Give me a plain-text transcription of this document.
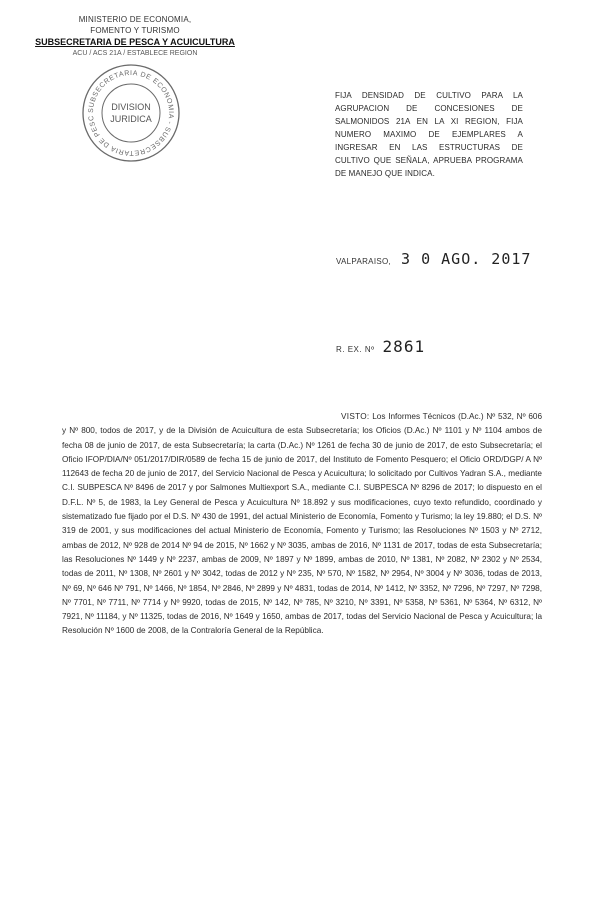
MINISTERIO DE ECONOMIA,
FOMENTO Y TURISMO
SUBSECRETARIA DE PESCA Y ACUICULTURA
ACU / ACS 21A / ESTABLECE REGION
SUBSECRETARIA DE ECONOMIA - SUBSECRETARIA DE PESC
DIVISION
JURIDICA
FIJA DENSIDAD DE CULTIVO PARA LA AGRUPACION DE CONCESIONES DE SALMONIDOS 21A EN LA XI REGION, FIJA NUMERO MAXIMO DE EJEMPLARES A INGRESAR EN LAS ESTRUCTURAS DE CULTIVO QUE SEÑALA, APRUEBA PROGRAMA DE MANEJO QUE INDICA.
VALPARAISO, 3 0 AGO. 2017
R. EX. Nº 2861
VISTO: Los Informes Técnicos (D.Ac.) Nº 532, Nº 606 y Nº 800, todos de 2017, y de la División de Acuicultura de esta Subsecretaría; los Oficios (D.Ac.) Nº 1101 y Nº 1104 ambos de fecha 08 de junio de 2017, de esta Subsecretaría; la carta (D.Ac.) Nº 1261 de fecha 30 de junio de 2017, de esto Subsecretaría; el Oficio IFOP/DIA/Nº 051/2017/DIR/0589 de fecha 15 de junio de 2017, del Instituto de Fomento Pesquero; el Oficio ORD/DGP/ A Nº 112643 de fecha 20 de junio de 2017, del Servicio Nacional de Pesca y Acuicultura; lo solicitado por Cultivos Yadran S.A., mediante C.I. SUBPESCA Nº 8496 de 2017 y por Salmones Multiexport S.A., mediante C.I. SUBPESCA Nº 8296 de 2017; lo dispuesto en el D.F.L. Nº 5, de 1983, la Ley General de Pesca y Acuicultura Nº 18.892 y sus modificaciones, cuyo texto refundido, coordinado y sistematizado fue fijado por el D.S. Nº 430 de 1991, del actual Ministerio de Economía, Fomento y Turismo; la ley 19.880; el D.S. Nº 319 de 2001, y sus modificaciones del actual Ministerio de Economía, Fomento y Turismo; las Resoluciones Nº 1503 y Nº 2712, ambas de 2012, Nº 928 de 2014 Nº 94 de 2015, Nº 1662 y Nº 3035, ambas de 2016, Nº 1131 de 2017, todas de esta Subsecretaría; las Resoluciones Nº 1449 y Nº 2237, ambas de 2009, Nº 1897 y Nº 1899, ambas de 2010, Nº 1381, Nº 2082, Nº 2302 y Nº 2534, todas de 2011, Nº 1308, Nº 2601 y Nº 3042, todas de 2012 y Nº 235, Nº 570, Nº 1582, Nº 2954, Nº 3004 y Nº 3036, todas de 2013, Nº 69, Nº 646 Nº 791, Nº 1466, Nº 1854, Nº 2846, Nº 2899 y Nº 4831, todas de 2014, Nº 1412, Nº 3352, Nº 7296, Nº 7297, Nº 7298, Nº 7701, Nº 7711, Nº 7714 y Nº 9920, todas de 2015, Nº 142, Nº 785, Nº 3210, Nº 3391, Nº 5358, Nº 5361, Nº 5364, Nº 6312, Nº 7921, Nº 11184, y Nº 11325, todas de 2016, Nº 1649 y 1650, ambas de 2017, todas del Servicio Nacional de Pesca y Acuicultura; la Resolución Nº 1600 de 2008, de la Contraloría General de la República.
